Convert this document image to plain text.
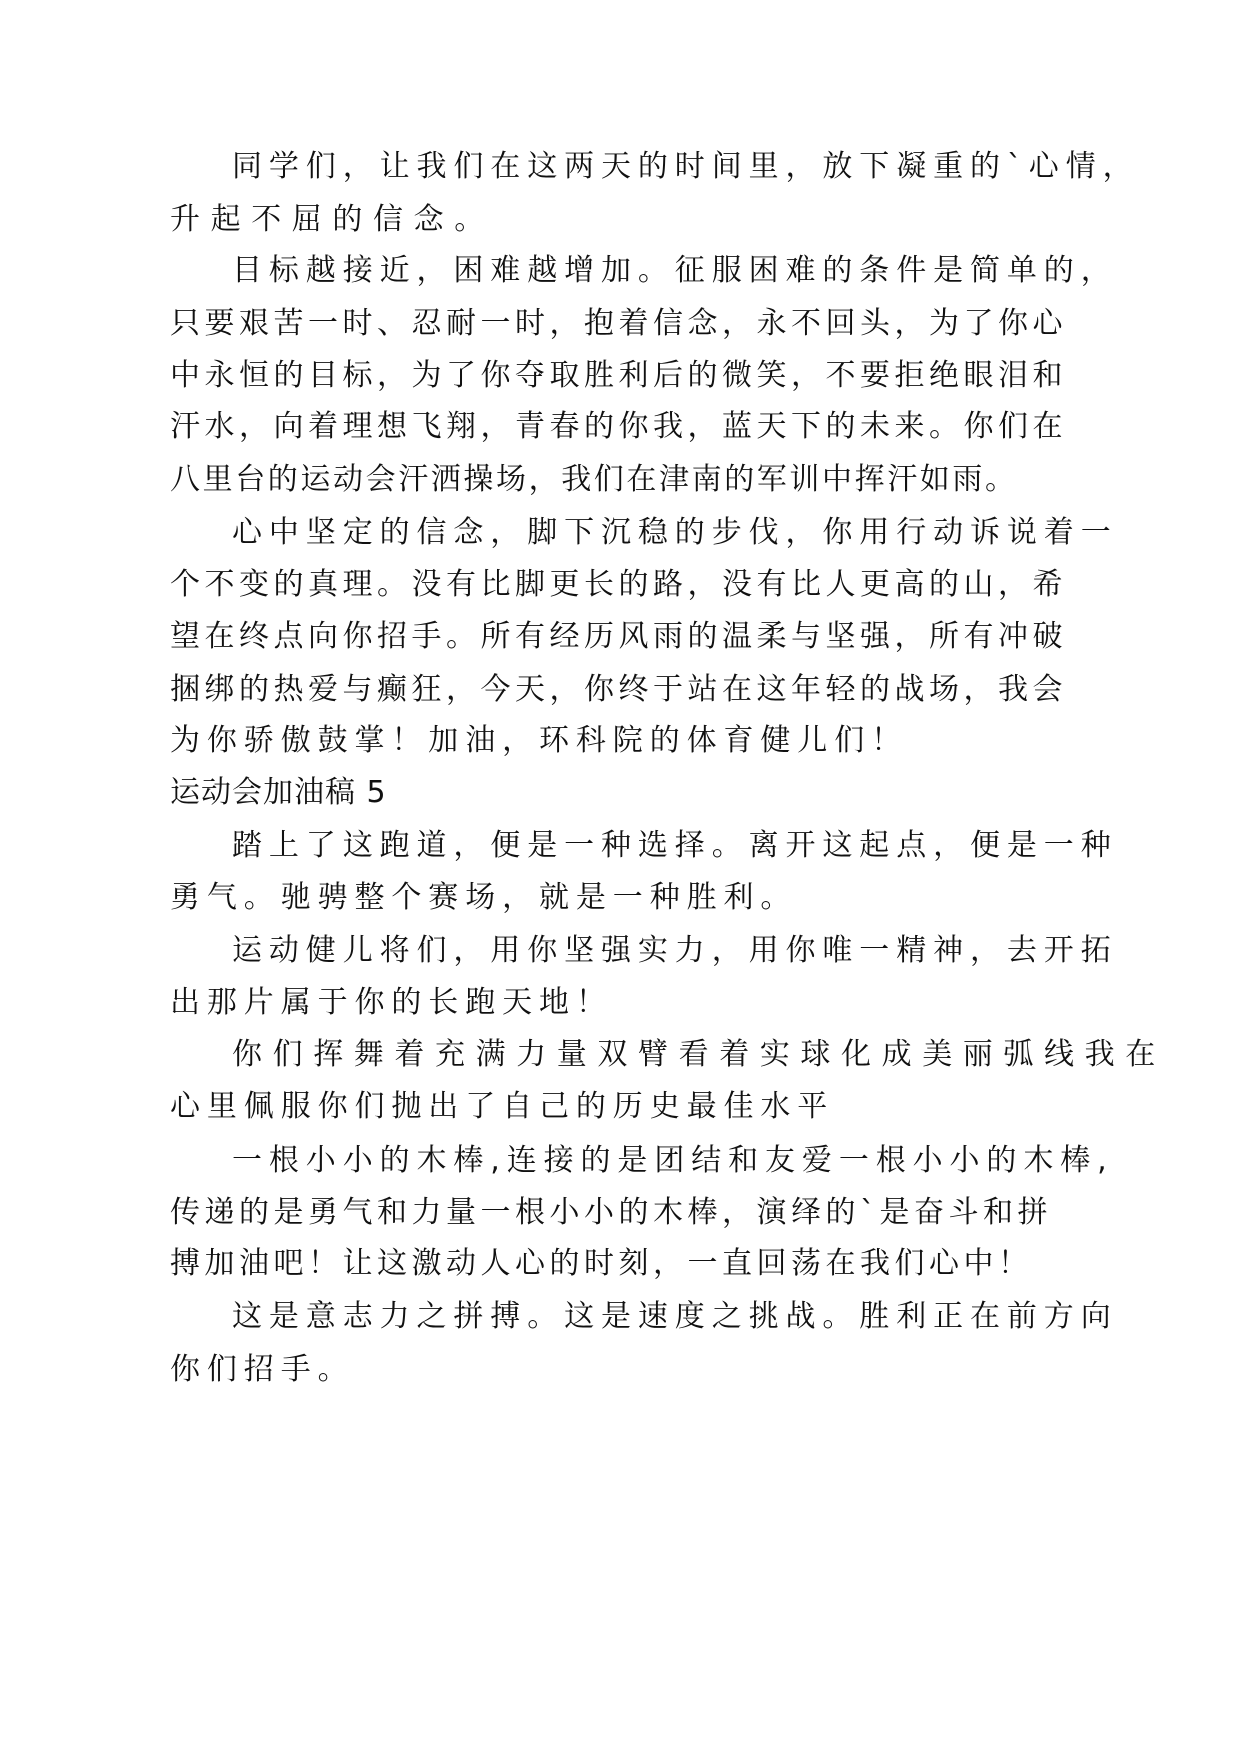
同学们，让我们在这两天的时间里，放下凝重的`心情，
升起不屈的信念。
目标越接近，困难越增加。征服困难的条件是简单的，
只要艰苦一时、忍耐一时，抱着信念，永不回头，为了你心
中永恒的目标，为了你夺取胜利后的微笑，不要拒绝眼泪和
汗水，向着理想飞翔，青春的你我，蓝天下的未来。你们在
八里台的运动会汗洒操场，我们在津南的军训中挥汗如雨。
心中坚定的信念，脚下沉稳的步伐，你用行动诉说着一
个不变的真理。没有比脚更长的路，没有比人更高的山，希
望在终点向你招手。所有经历风雨的温柔与坚强，所有冲破
捆绑的热爱与癫狂，今天，你终于站在这年轻的战场，我会
为你骄傲鼓掌！加油，环科院的体育健儿们！
运动会加油稿 5
踏上了这跑道，便是一种选择。离开这起点，便是一种
勇气。驰骋整个赛场，就是一种胜利。
运动健儿将们，用你坚强实力，用你唯一精神，去开拓
出那片属于你的长跑天地！
你们挥舞着充满力量双臂看着实球化成美丽弧线我在
心里佩服你们抛出了自己的历史最佳水平
一根小小的木棒,连接的是团结和友爱一根小小的木棒,
传递的是勇气和力量一根小小的木棒，演绎的`是奋斗和拼
搏加油吧！让这激动人心的时刻，一直回荡在我们心中！
这是意志力之拼搏。这是速度之挑战。胜利正在前方向
你们招手。
